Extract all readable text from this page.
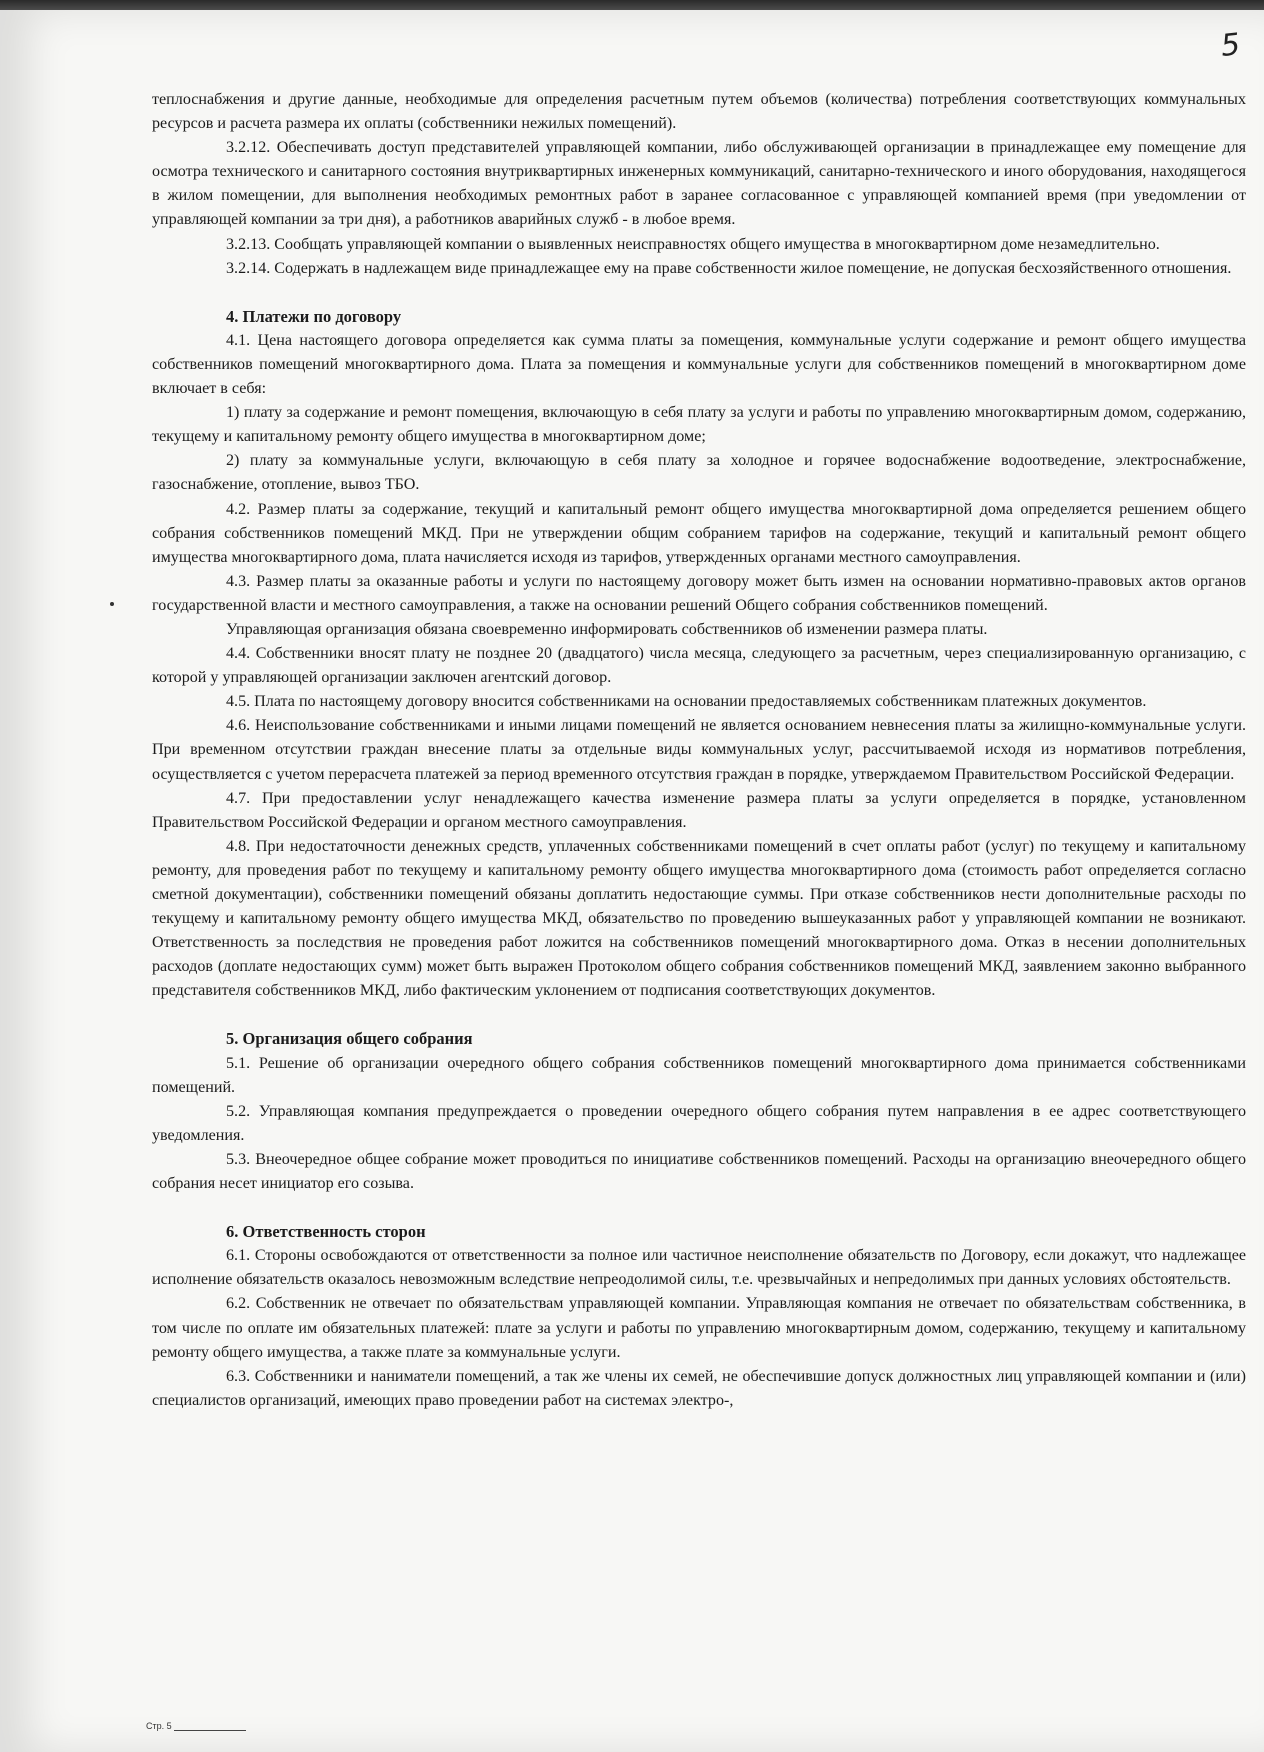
5

теплоснабжения и другие данные, необходимые для определения расчетным путем объемов (количества) потребления соответствующих коммунальных ресурсов и расчета размера их оплаты (собственники нежилых помещений).

3.2.12. Обеспечивать доступ представителей управляющей компании, либо обслуживающей организации в принадлежащее ему помещение для осмотра технического и санитарного состояния внутриквартирных инженерных коммуникаций, санитарно-технического и иного оборудования, находящегося в жилом помещении, для выполнения необходимых ремонтных работ в заранее согласованное с управляющей компанией время (при уведомлении от управляющей компании за три дня), а работников аварийных служб - в любое время.

3.2.13. Сообщать управляющей компании о выявленных неисправностях общего имущества в многоквартирном доме незамедлительно.

3.2.14. Содержать в надлежащем виде принадлежащее ему на праве собственности жилое помещение, не допуская бесхозяйственного отношения.

4. Платежи по договору

4.1. Цена настоящего договора определяется как сумма платы за помещения, коммунальные услуги содержание и ремонт общего имущества собственников помещений многоквартирного дома. Плата за помещения и коммунальные услуги для собственников помещений в многоквартирном доме включает в себя:

1) плату за содержание и ремонт помещения, включающую в себя плату за услуги и работы по управлению многоквартирным домом, содержанию, текущему и капитальному ремонту общего имущества в многоквартирном доме;

2) плату за коммунальные услуги, включающую в себя плату за холодное и горячее водоснабжение водоотведение, электроснабжение, газоснабжение, отопление, вывоз ТБО.

4.2. Размер платы за содержание, текущий и капитальный ремонт общего имущества многоквартирной дома определяется решением общего собрания собственников помещений МКД. При не утверждении общим собранием тарифов на содержание, текущий и капитальный ремонт общего имущества многоквартирного дома, плата начисляется исходя из тарифов, утвержденных органами местного самоуправления.

4.3. Размер платы за оказанные работы и услуги по настоящему договору может быть измен на основании нормативно-правовых актов органов государственной власти и местного самоуправления, а также на основании решений Общего собрания собственников помещений.

Управляющая организация обязана своевременно информировать собственников об изменении размера платы.

4.4. Собственники вносят плату не позднее 20 (двадцатого) числа месяца, следующего за расчетным, через специализированную организацию, с которой у управляющей организации заключен агентский договор.

4.5. Плата по настоящему договору вносится собственниками на основании предоставляемых собственникам платежных документов.

4.6. Неиспользование собственниками и иными лицами помещений не является основанием невнесения платы за жилищно-коммунальные услуги. При временном отсутствии граждан внесение платы за отдельные виды коммунальных услуг, рассчитываемой исходя из нормативов потребления, осуществляется с учетом перерасчета платежей за период временного отсутствия граждан в порядке, утверждаемом Правительством Российской Федерации.

4.7. При предоставлении услуг ненадлежащего качества изменение размера платы за услуги определяется в порядке, установленном Правительством Российской Федерации и органом местного самоуправления.

4.8. При недостаточности денежных средств, уплаченных собственниками помещений в счет оплаты работ (услуг) по текущему и капитальному ремонту, для проведения работ по текущему и капитальному ремонту общего имущества многоквартирного дома (стоимость работ определяется согласно сметной документации), собственники помещений обязаны доплатить недостающие суммы. При отказе собственников нести дополнительные расходы по текущему и капитальному ремонту общего имущества МКД, обязательство по проведению вышеуказанных работ у управляющей компании не возникают. Ответственность за последствия не проведения работ ложится на собственников помещений многоквартирного дома. Отказ в несении дополнительных расходов (доплате недостающих сумм) может быть выражен Протоколом общего собрания собственников помещений МКД, заявлением законно выбранного представителя собственников МКД, либо фактическим уклонением от подписания соответствующих документов.

5. Организация общего собрания

5.1. Решение об организации очередного общего собрания собственников помещений многоквартирного дома принимается собственниками помещений.

5.2. Управляющая компания предупреждается о проведении очередного общего собрания путем направления в ее адрес соответствующего уведомления.

5.3. Внеочередное общее собрание может проводиться по инициативе собственников помещений. Расходы на организацию внеочередного общего собрания несет инициатор его созыва.

6. Ответственность сторон

6.1. Стороны освобождаются от ответственности за полное или частичное неисполнение обязательств по Договору, если докажут, что надлежащее исполнение обязательств оказалось невозможным вследствие непреодолимой силы, т.е. чрезвычайных и непредолимых при данных условиях обстоятельств.

6.2. Собственник не отвечает по обязательствам управляющей компании. Управляющая компания не отвечает по обязательствам собственника, в том числе по оплате им обязательных платежей: плате за услуги и работы по управлению многоквартирным домом, содержанию, текущему и капитальному ремонту общего имущества, а также плате за коммунальные услуги.

6.3. Собственники и наниматели помещений, а так же члены их семей, не обеспечившие допуск должностных лиц управляющей компании и (или) специалистов организаций, имеющих право проведении работ на системах электро-,

Стр. 5
